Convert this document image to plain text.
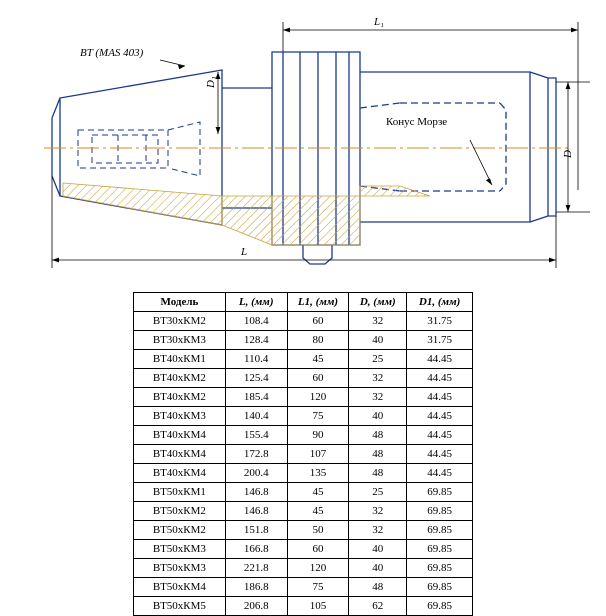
BT (MAS 403)
L₁
D₁
D
L
Конус Морзе
Модель	L, (мм)	L1, (мм)	D, (мм)	D1, (мм)
ВТ30хКМ2	108.4	60	32	31.75
ВТ30хКМ3	128.4	80	40	31.75
ВТ40хКМ1	110.4	45	25	44.45
ВТ40хКМ2	125.4	60	32	44.45
ВТ40хКМ2	185.4	120	32	44.45
ВТ40хКМ3	140.4	75	40	44.45
ВТ40хКМ4	155.4	90	48	44.45
ВТ40хКМ4	172.8	107	48	44.45
ВТ40хКМ4	200.4	135	48	44.45
ВТ50хКМ1	146.8	45	25	69.85
ВТ50хКМ2	146.8	45	32	69.85
ВТ50хКМ2	151.8	50	32	69.85
ВТ50хКМ3	166.8	60	40	69.85
ВТ50хКМ3	221.8	120	40	69.85
ВТ50хКМ4	186.8	75	48	69.85
ВТ50хКМ5	206.8	105	62	69.85
